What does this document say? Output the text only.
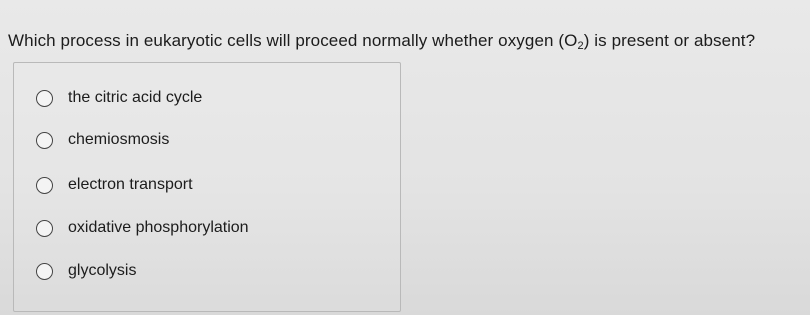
Which process in eukaryotic cells will proceed normally whether oxygen $(O_2)$ is present or absent?
the citric acid cycle
chemiosmosis
electron transport
oxidative phosphorylation
glycolysis
